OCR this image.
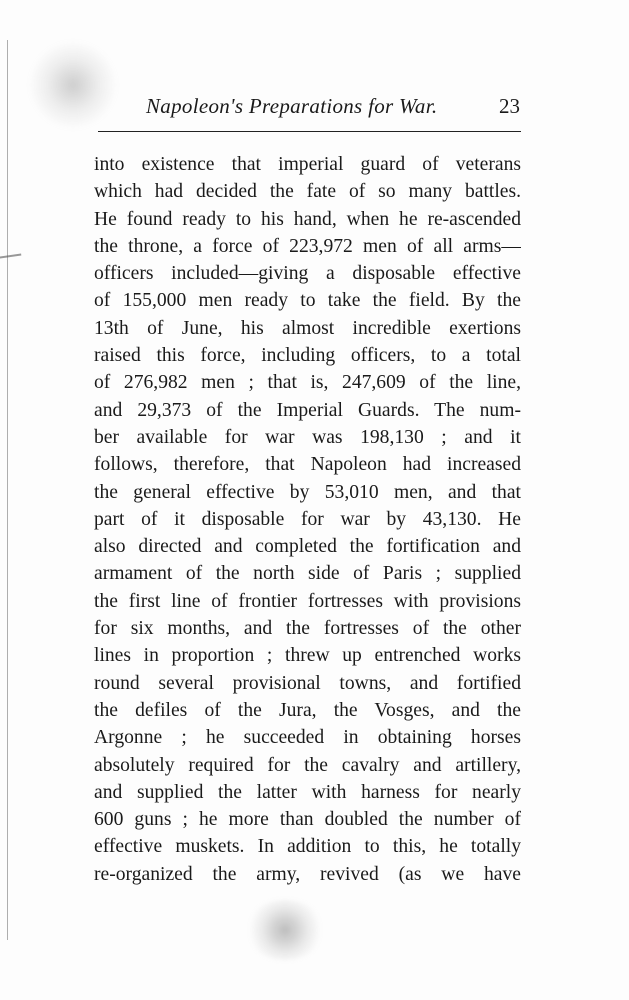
Napoleon's Preparations for War.	23
into existence that imperial guard of veterans
which had decided the fate of so many battles.
He found ready to his hand, when he re-ascended
the throne, a force of 223,972 men of all arms—
officers included—giving a disposable effective
of 155,000 men ready to take the field. By the
13th of June, his almost incredible exertions
raised this force, including officers, to a total
of 276,982 men ; that is, 247,609 of the line,
and 29,373 of the Imperial Guards. The num-
ber available for war was 198,130 ; and it
follows, therefore, that Napoleon had increased
the general effective by 53,010 men, and that
part of it disposable for war by 43,130. He
also directed and completed the fortification and
armament of the north side of Paris ; supplied
the first line of frontier fortresses with provisions
for six months, and the fortresses of the other
lines in proportion ; threw up entrenched works
round several provisional towns, and fortified
the defiles of the Jura, the Vosges, and the
Argonne ; he succeeded in obtaining horses
absolutely required for the cavalry and artillery,
and supplied the latter with harness for nearly
600 guns ; he more than doubled the number of
effective muskets. In addition to this, he totally
re-organized the army, revived (as we have
